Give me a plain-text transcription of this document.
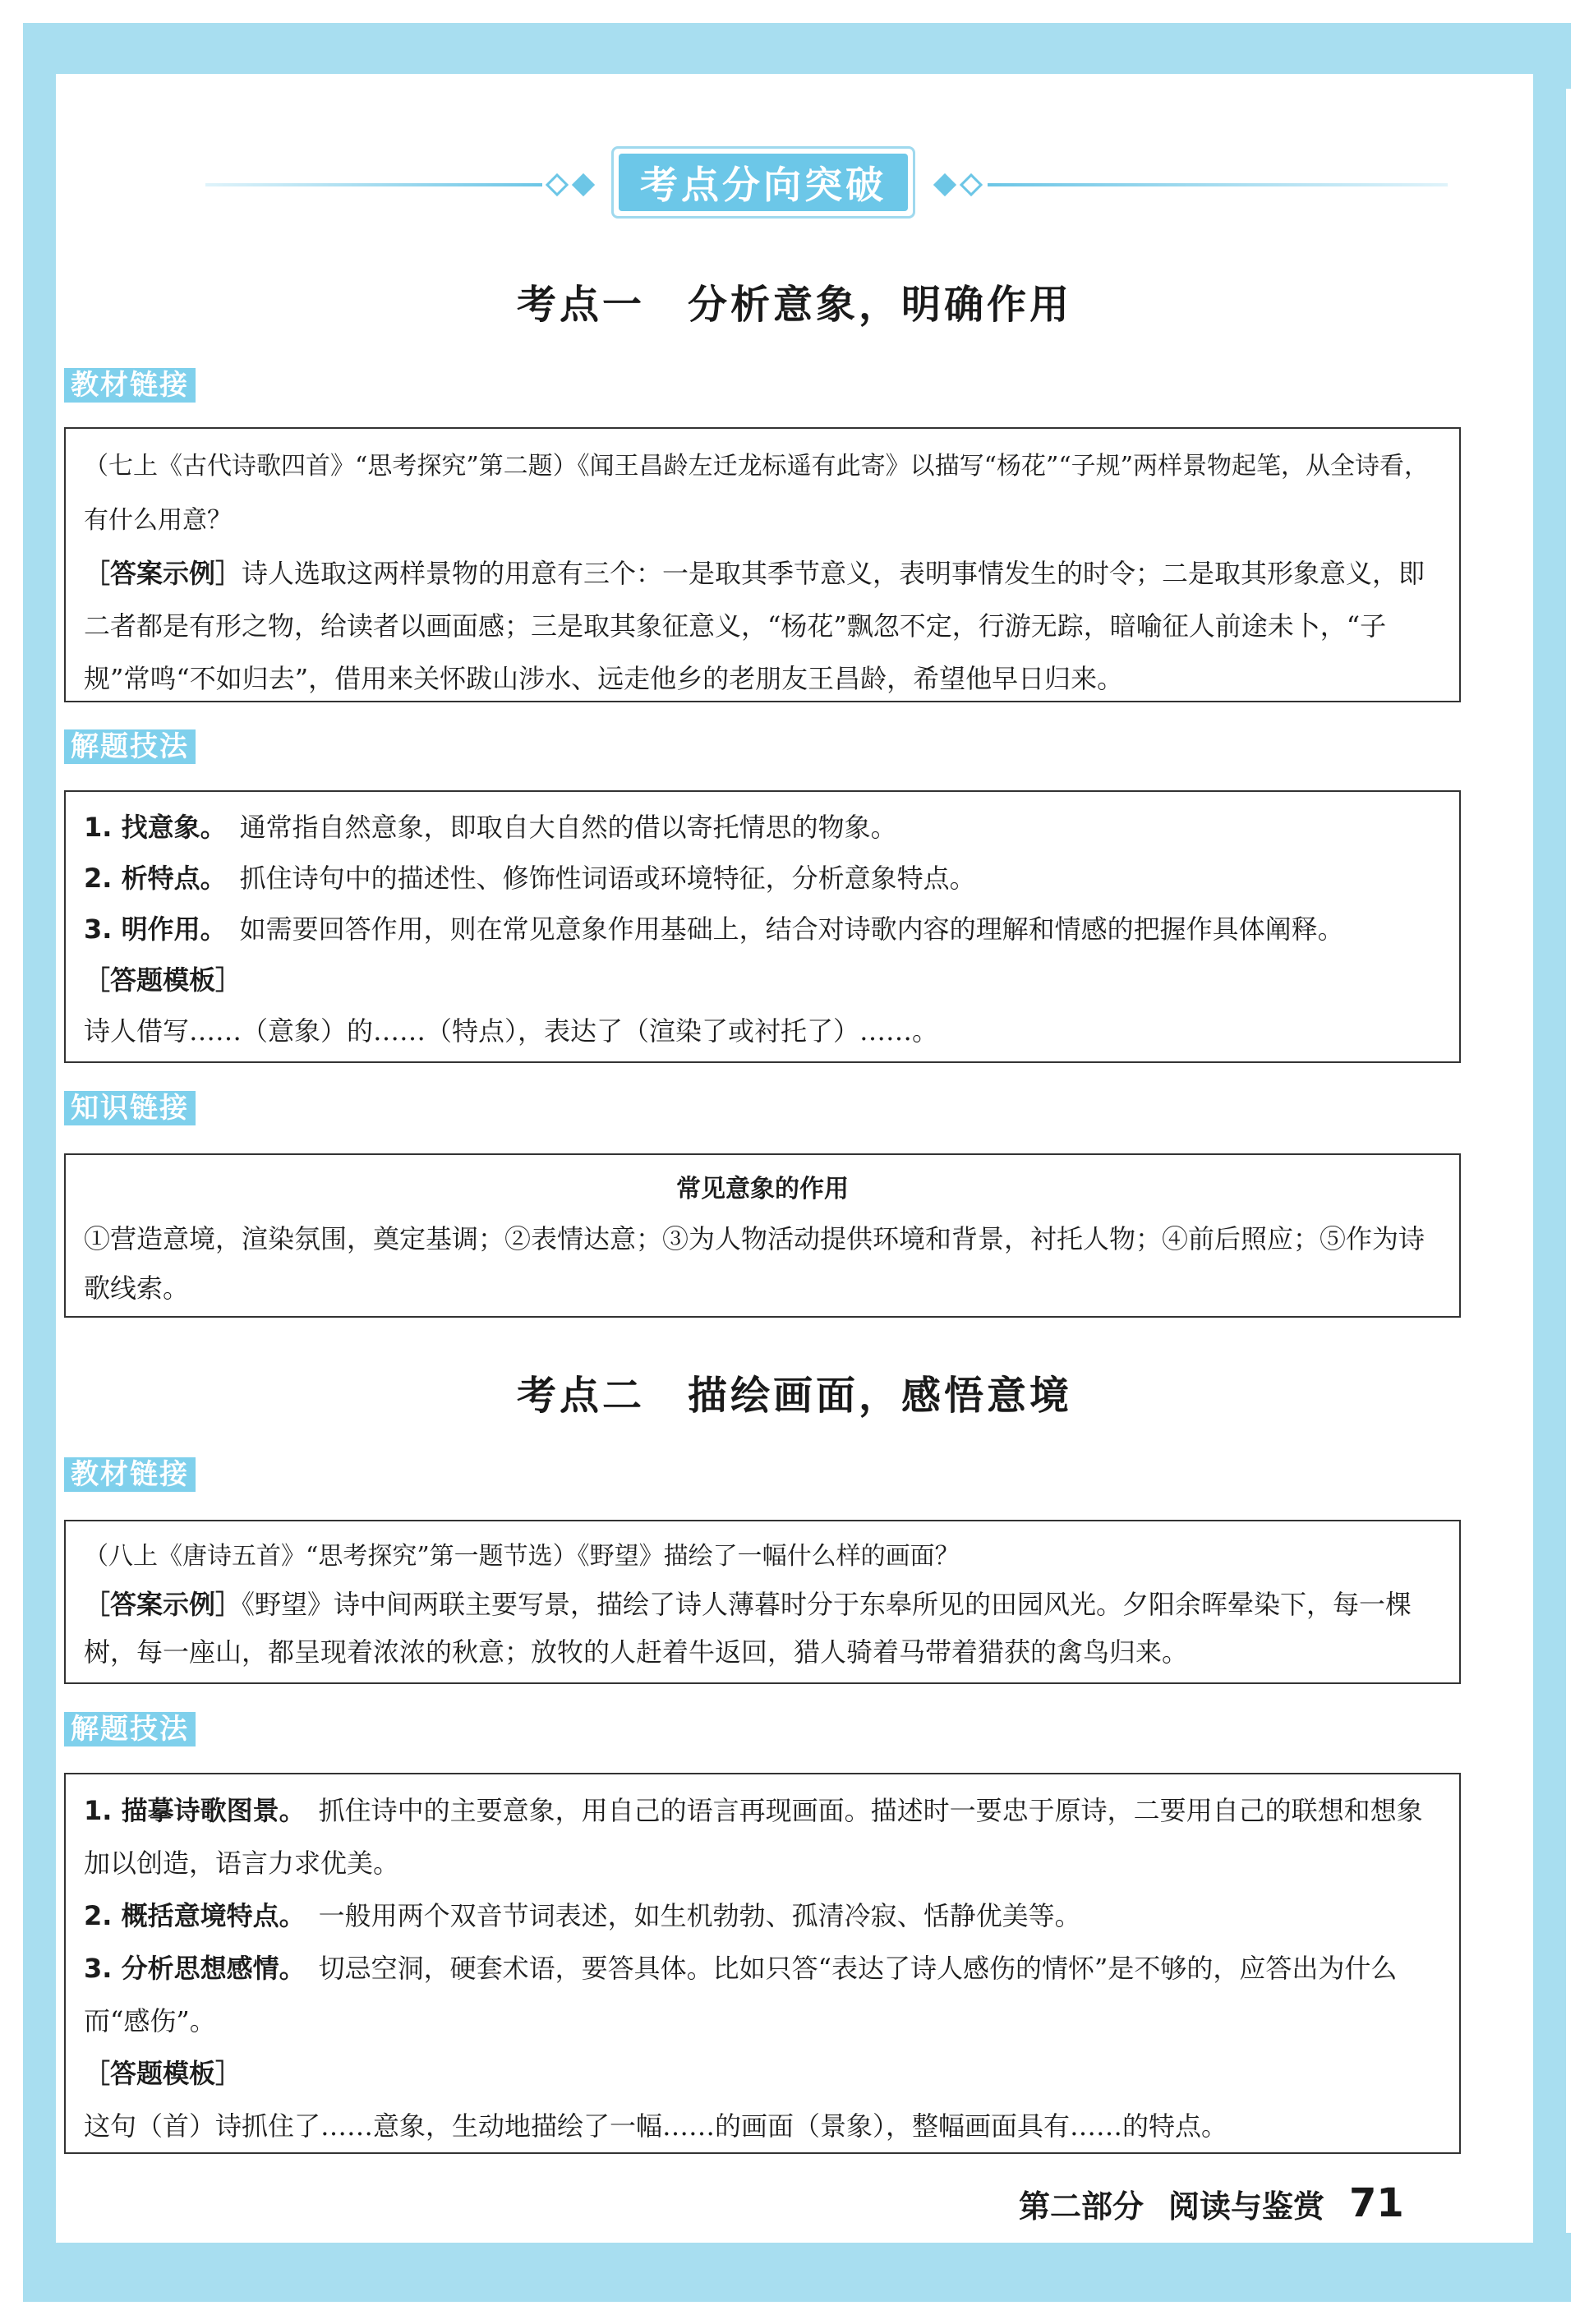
考点分向突破
考点一　分析意象，明确作用
教材链接

（七上《古代诗歌四首》“思考探究”第二题）《闻王昌龄左迁龙标遥有此寄》以描写“杨花”“子规”两样景物起笔，从全诗看，有什么用意？

［答案示例］诗人选取这两样景物的用意有三个：一是取其季节意义，表明事情发生的时令；二是取其形象意义，即二者都是有形之物，给读者以画面感；三是取其象征意义，“杨花”飘忽不定，行游无踪，暗喻征人前途未卜，“子规”常鸣“不如归去”，借用来关怀跋山涉水、远走他乡的老朋友王昌龄，希望他早日归来。

解题技法

1. 找意象。　 通常指自然意象，即取自大自然的借以寄托情思的物象。

2. 析特点。　 抓住诗句中的描述性、修饰性词语或环境特征，分析意象特点。

3. 明作用。　 如需要回答作用，则在常见意象作用基础上，结合对诗歌内容的理解和情感的把握作具体阐释。

［答题模板］

诗人借写……（意象）的……（特点），表达了（渲染了或衬托了）……。

知识链接

常见意象的作用

①营造意境，渲染氛围，奠定基调；②表情达意；③为人物活动提供环境和背景，衬托人物；④前后照应；⑤作为诗歌线索。

考点二　描绘画面，感悟意境
教材链接

（八上《唐诗五首》“思考探究”第一题节选）《野望》描绘了一幅什么样的画面？

［答案示例］《野望》诗中间两联主要写景，描绘了诗人薄暮时分于东皋所见的田园风光。夕阳余晖晕染下，每一棵树，每一座山，都呈现着浓浓的秋意；放牧的人赶着牛返回，猎人骑着马带着猎获的禽鸟归来。

解题技法

1. 描摹诗歌图景。　 抓住诗中的主要意象，用自己的语言再现画面。描述时一要忠于原诗，二要用自己的联想和想象加以创造，语言力求优美。

2. 概括意境特点。　 一般用两个双音节词表述，如生机勃勃、孤清冷寂、恬静优美等。

3. 分析思想感情。　 切忌空洞，硬套术语，要答具体。比如只答“表达了诗人感伤的情怀”是不够的，应答出为什么而“感伤”。

［答题模板］

这句（首）诗抓住了……意象，生动地描绘了一幅……的画面（景象），整幅画面具有……的特点。

第二部分 阅读与鉴赏 71
